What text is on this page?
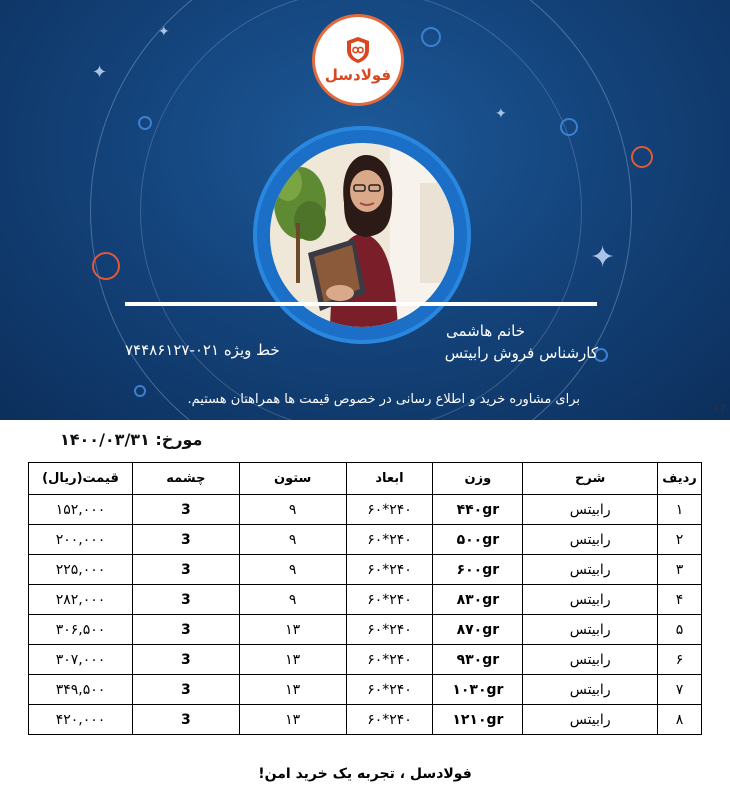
✦
✦
✦
✦
فولادسل
خانم هاشمی
کارشناس فروش رابیتس
خط ویژه ۰۲۱-۷۴۴۸۶۱۲۷
برای مشاوره خرید و اطلاع رسانی در خصوص قیمت ها همراهتان هستیم.
17
مورخ: ۱۴۰۰/۰۳/۳۱
ردیف	شرح	وزن	ابعاد	ستون	چشمه	قیمت(ریال)
۱	رابیتس	۴۴۰gr	۲۴۰*۶۰	۹	3	۱۵۲,۰۰۰
۲	رابیتس	۵۰۰gr	۲۴۰*۶۰	۹	3	۲۰۰,۰۰۰
۳	رابیتس	۶۰۰gr	۲۴۰*۶۰	۹	3	۲۲۵,۰۰۰
۴	رابیتس	۸۳۰gr	۲۴۰*۶۰	۹	3	۲۸۲,۰۰۰
۵	رابیتس	۸۷۰gr	۲۴۰*۶۰	۱۳	3	۳۰۶,۵۰۰
۶	رابیتس	۹۳۰gr	۲۴۰*۶۰	۱۳	3	۳۰۷,۰۰۰
۷	رابیتس	۱۰۳۰gr	۲۴۰*۶۰	۱۳	3	۳۴۹,۵۰۰
۸	رابیتس	۱۲۱۰gr	۲۴۰*۶۰	۱۳	3	۴۲۰,۰۰۰
فولادسل ، تجربه یک خرید امن!
